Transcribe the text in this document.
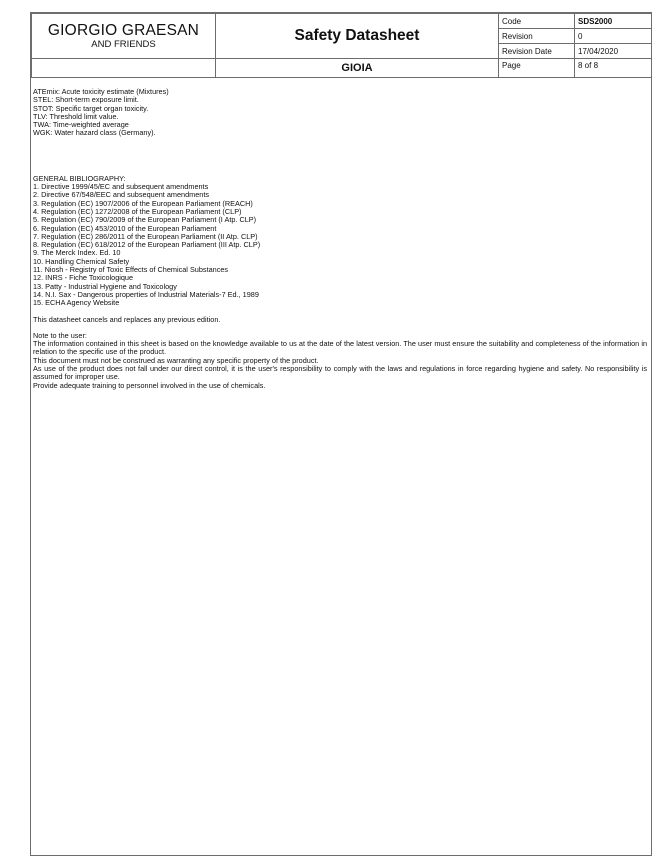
GIORGIO GRAESAN
AND FRIENDS	Safety Datasheet	Code	SDS2000
		Revision	0
		Revision Date	17/04/2020
	GIOIA	Page	8 of 8
ATEmix: Acute toxicity estimate (Mixtures)
STEL: Short-term exposure limit.
STOT: Specific target organ toxicity.
TLV: Threshold limit value.
TWA: Time-weighted average
WGK: Water hazard class (Germany).
GENERAL BIBLIOGRAPHY:
1. Directive 1999/45/EC and subsequent amendments
2. Directive 67/548/EEC and subsequent amendments
3. Regulation (EC) 1907/2006 of the European Parliament (REACH)
4. Regulation (EC) 1272/2008 of the European Parliament (CLP)
5. Regulation (EC) 790/2009 of the European Parliament (I Atp. CLP)
6. Regulation (EC) 453/2010 of the European Parliament
7. Regulation (EC) 286/2011 of the European Parliament (II Atp. CLP)
8. Regulation (EC) 618/2012 of the European Parliament (III Atp. CLP)
9. The Merck Index. Ed. 10
10. Handling Chemical Safety
11. Niosh - Registry of Toxic Effects of Chemical Substances
12. INRS - Fiche Toxicologique
13. Patty - Industrial Hygiene and Toxicology
14. N.I. Sax - Dangerous properties of Industrial Materials-7 Ed., 1989
15. ECHA Agency Website
This datasheet cancels and replaces any previous edition.
Note to the user:
The information contained in this sheet is based on the knowledge available to us at the date of the latest version. The user must ensure the suitability and completeness of the information in relation to the specific use of the product.
This document must not be construed as warranting any specific property of the product.
As use of the product does not fall under our direct control, it is the user's responsibility to comply with the laws and regulations in force regarding hygiene and safety. No responsibility is assumed for improper use.
Provide adequate training to personnel involved in the use of chemicals.
